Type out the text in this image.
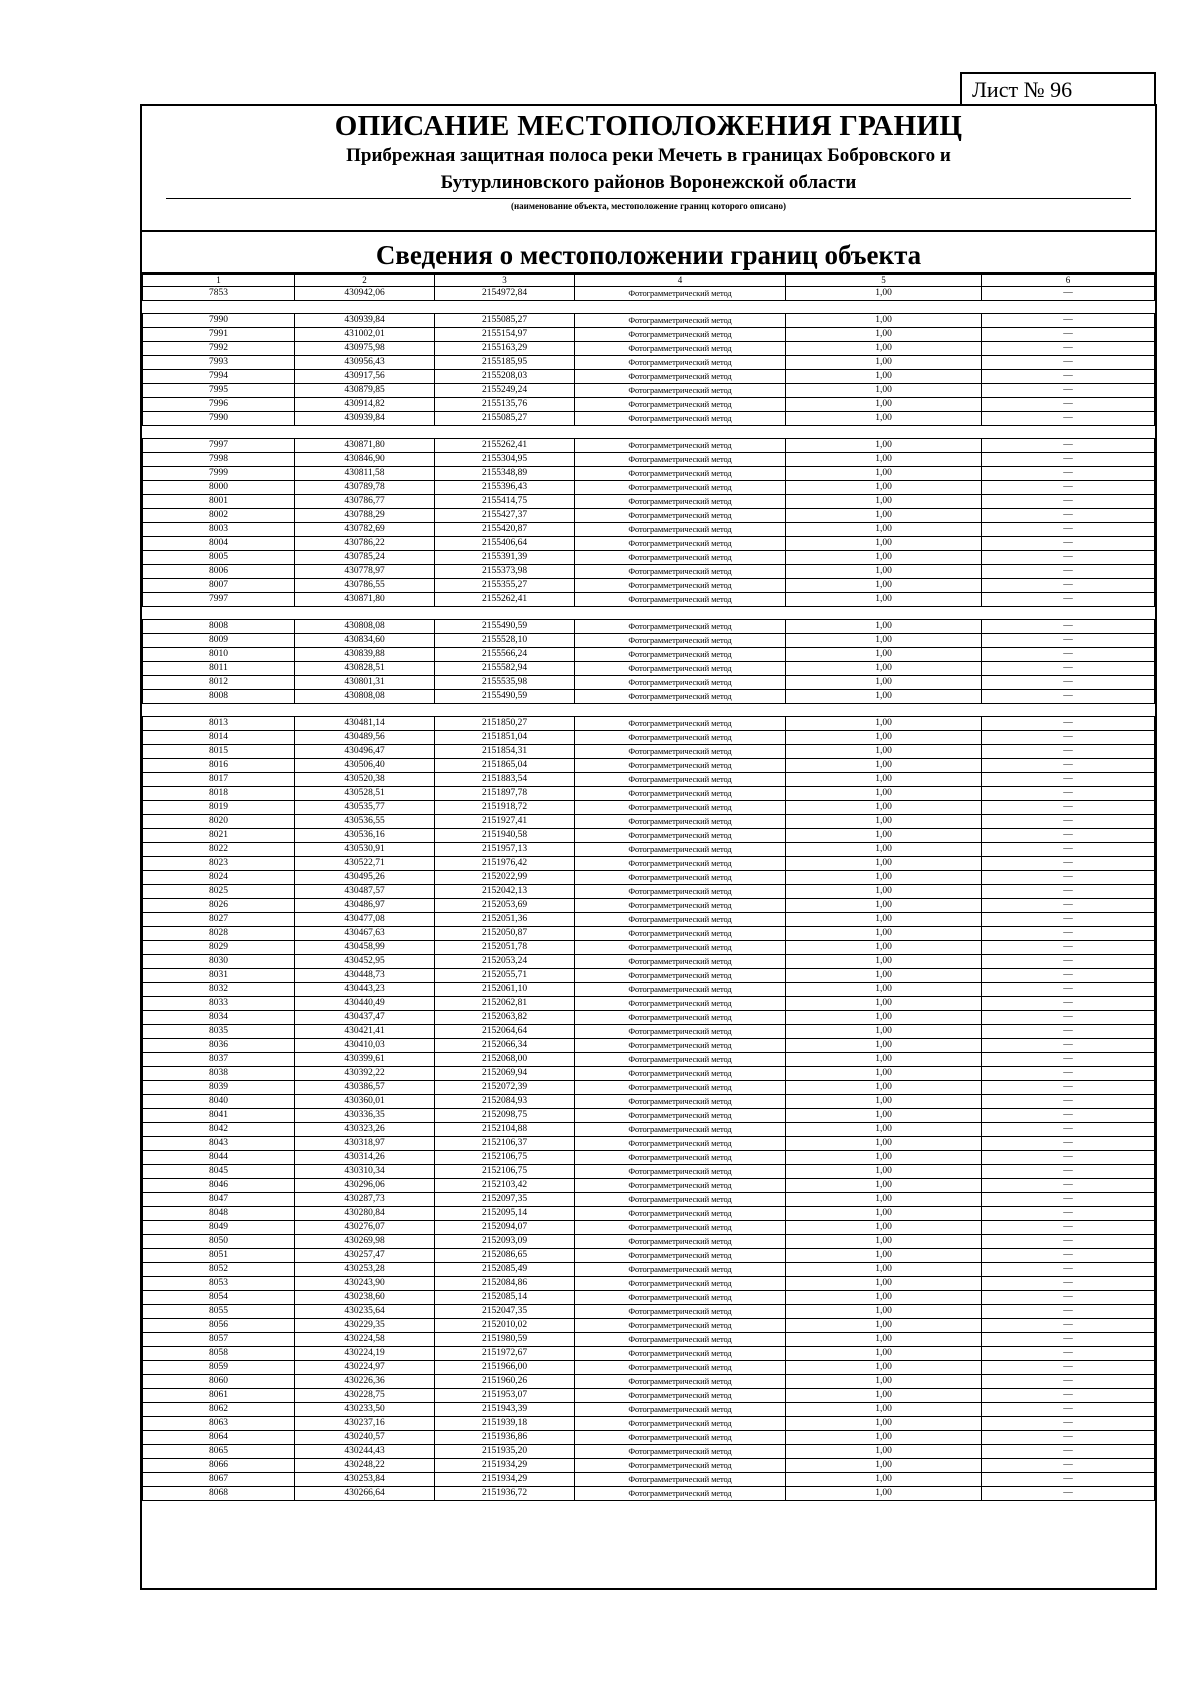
Лист № 96
ОПИСАНИЕ МЕСТОПОЛОЖЕНИЯ ГРАНИЦ
Прибрежная защитная полоса реки Мечеть в границах Бобровского и
Бутурлиновского районов Воронежской области
(наименование объекта, местоположение границ которого описано)
Сведения о местоположении границ объекта
1	2	3	4	5	6
7853	430942,06	2154972,84	Фотограмметрический метод	1,00	—

7990	430939,84	2155085,27	Фотограмметрический метод	1,00	—
7991	431002,01	2155154,97	Фотограмметрический метод	1,00	—
7992	430975,98	2155163,29	Фотограмметрический метод	1,00	—
7993	430956,43	2155185,95	Фотограмметрический метод	1,00	—
7994	430917,56	2155208,03	Фотограмметрический метод	1,00	—
7995	430879,85	2155249,24	Фотограмметрический метод	1,00	—
7996	430914,82	2155135,76	Фотограмметрический метод	1,00	—
7990	430939,84	2155085,27	Фотограмметрический метод	1,00	—

7997	430871,80	2155262,41	Фотограмметрический метод	1,00	—
7998	430846,90	2155304,95	Фотограмметрический метод	1,00	—
7999	430811,58	2155348,89	Фотограмметрический метод	1,00	—
8000	430789,78	2155396,43	Фотограмметрический метод	1,00	—
8001	430786,77	2155414,75	Фотограмметрический метод	1,00	—
8002	430788,29	2155427,37	Фотограмметрический метод	1,00	—
8003	430782,69	2155420,87	Фотограмметрический метод	1,00	—
8004	430786,22	2155406,64	Фотограмметрический метод	1,00	—
8005	430785,24	2155391,39	Фотограмметрический метод	1,00	—
8006	430778,97	2155373,98	Фотограмметрический метод	1,00	—
8007	430786,55	2155355,27	Фотограмметрический метод	1,00	—
7997	430871,80	2155262,41	Фотограмметрический метод	1,00	—

8008	430808,08	2155490,59	Фотограмметрический метод	1,00	—
8009	430834,60	2155528,10	Фотограмметрический метод	1,00	—
8010	430839,88	2155566,24	Фотограмметрический метод	1,00	—
8011	430828,51	2155582,94	Фотограмметрический метод	1,00	—
8012	430801,31	2155535,98	Фотограмметрический метод	1,00	—
8008	430808,08	2155490,59	Фотограмметрический метод	1,00	—

8013	430481,14	2151850,27	Фотограмметрический метод	1,00	—
8014	430489,56	2151851,04	Фотограмметрический метод	1,00	—
8015	430496,47	2151854,31	Фотограмметрический метод	1,00	—
8016	430506,40	2151865,04	Фотограмметрический метод	1,00	—
8017	430520,38	2151883,54	Фотограмметрический метод	1,00	—
8018	430528,51	2151897,78	Фотограмметрический метод	1,00	—
8019	430535,77	2151918,72	Фотограмметрический метод	1,00	—
8020	430536,55	2151927,41	Фотограмметрический метод	1,00	—
8021	430536,16	2151940,58	Фотограмметрический метод	1,00	—
8022	430530,91	2151957,13	Фотограмметрический метод	1,00	—
8023	430522,71	2151976,42	Фотограмметрический метод	1,00	—
8024	430495,26	2152022,99	Фотограмметрический метод	1,00	—
8025	430487,57	2152042,13	Фотограмметрический метод	1,00	—
8026	430486,97	2152053,69	Фотограмметрический метод	1,00	—
8027	430477,08	2152051,36	Фотограмметрический метод	1,00	—
8028	430467,63	2152050,87	Фотограмметрический метод	1,00	—
8029	430458,99	2152051,78	Фотограмметрический метод	1,00	—
8030	430452,95	2152053,24	Фотограмметрический метод	1,00	—
8031	430448,73	2152055,71	Фотограмметрический метод	1,00	—
8032	430443,23	2152061,10	Фотограмметрический метод	1,00	—
8033	430440,49	2152062,81	Фотограмметрический метод	1,00	—
8034	430437,47	2152063,82	Фотограмметрический метод	1,00	—
8035	430421,41	2152064,64	Фотограмметрический метод	1,00	—
8036	430410,03	2152066,34	Фотограмметрический метод	1,00	—
8037	430399,61	2152068,00	Фотограмметрический метод	1,00	—
8038	430392,22	2152069,94	Фотограмметрический метод	1,00	—
8039	430386,57	2152072,39	Фотограмметрический метод	1,00	—
8040	430360,01	2152084,93	Фотограмметрический метод	1,00	—
8041	430336,35	2152098,75	Фотограмметрический метод	1,00	—
8042	430323,26	2152104,88	Фотограмметрический метод	1,00	—
8043	430318,97	2152106,37	Фотограмметрический метод	1,00	—
8044	430314,26	2152106,75	Фотограмметрический метод	1,00	—
8045	430310,34	2152106,75	Фотограмметрический метод	1,00	—
8046	430296,06	2152103,42	Фотограмметрический метод	1,00	—
8047	430287,73	2152097,35	Фотограмметрический метод	1,00	—
8048	430280,84	2152095,14	Фотограмметрический метод	1,00	—
8049	430276,07	2152094,07	Фотограмметрический метод	1,00	—
8050	430269,98	2152093,09	Фотограмметрический метод	1,00	—
8051	430257,47	2152086,65	Фотограмметрический метод	1,00	—
8052	430253,28	2152085,49	Фотограмметрический метод	1,00	—
8053	430243,90	2152084,86	Фотограмметрический метод	1,00	—
8054	430238,60	2152085,14	Фотограмметрический метод	1,00	—
8055	430235,64	2152047,35	Фотограмметрический метод	1,00	—
8056	430229,35	2152010,02	Фотограмметрический метод	1,00	—
8057	430224,58	2151980,59	Фотограмметрический метод	1,00	—
8058	430224,19	2151972,67	Фотограмметрический метод	1,00	—
8059	430224,97	2151966,00	Фотограмметрический метод	1,00	—
8060	430226,36	2151960,26	Фотограмметрический метод	1,00	—
8061	430228,75	2151953,07	Фотограмметрический метод	1,00	—
8062	430233,50	2151943,39	Фотограмметрический метод	1,00	—
8063	430237,16	2151939,18	Фотограмметрический метод	1,00	—
8064	430240,57	2151936,86	Фотограмметрический метод	1,00	—
8065	430244,43	2151935,20	Фотограмметрический метод	1,00	—
8066	430248,22	2151934,29	Фотограмметрический метод	1,00	—
8067	430253,84	2151934,29	Фотограмметрический метод	1,00	—
8068	430266,64	2151936,72	Фотограмметрический метод	1,00	—
